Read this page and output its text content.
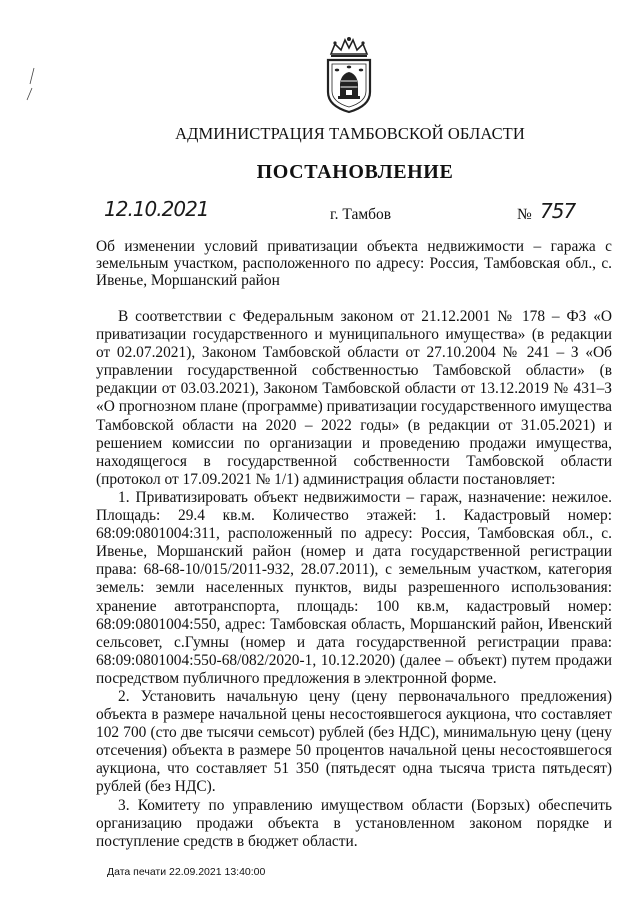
АДМИНИСТРАЦИЯ ТАМБОВСКОЙ ОБЛАСТИ
ПОСТАНОВЛЕНИЕ
12.10.2021	г. Тамбов	№ 757
Об изменении условий приватизации объекта недвижимости – гаража с земельным участком, расположенного по адресу: Россия, Тамбовская обл., с. Ивенье, Моршанский район

В соответствии с Федеральным законом от 21.12.2001 № 178 – ФЗ «О приватизации государственного и муниципального имущества» (в редакции от 02.07.2021), Законом Тамбовской области от 27.10.2004 № 241 – З «Об управлении государственной собственностью Тамбовской области» (в редакции от 03.03.2021), Законом Тамбовской области от 13.12.2019 № 431–З «О прогнозном плане (программе) приватизации государственного имущества Тамбовской области на 2020 – 2022 годы» (в редакции от 31.05.2021) и решением комиссии по организации и проведению продажи имущества, находящегося в государственной собственности Тамбовской области (протокол от 17.09.2021 № 1/1) администрация области постановляет:

1. Приватизировать объект недвижимости – гараж, назначение: нежилое. Площадь: 29.4 кв.м. Количество этажей: 1. Кадастровый номер: 68:09:0801004:311, расположенный по адресу: Россия, Тамбовская обл., с. Ивенье, Моршанский район (номер и дата государственной регистрации права: 68-68-10/015/2011-932, 28.07.2011), с земельным участком, категория земель: земли населенных пунктов, виды разрешенного использования: хранение автотранспорта, площадь: 100 кв.м, кадастровый номер: 68:09:0801004:550, адрес: Тамбовская область, Моршанский район, Ивенский сельсовет, с.Гумны (номер и дата государственной регистрации права: 68:09:0801004:550-68/082/2020-1, 10.12.2020) (далее – объект) путем продажи посредством публичного предложения в электронной форме.

2. Установить начальную цену (цену первоначального предложения) объекта в размере начальной цены несостоявшегося аукциона, что составляет 102 700 (сто две тысячи семьсот) рублей (без НДС), минимальную цену (цену отсечения) объекта в размере 50 процентов начальной цены несостоявшегося аукциона, что составляет 51 350 (пятьдесят одна тысяча триста пятьдесят) рублей (без НДС).

3. Комитету по управлению имуществом области (Борзых) обеспечить организацию продажи объекта в установленном законом порядке и поступление средств в бюджет области.

Дата печати 22.09.2021 13:40:00
